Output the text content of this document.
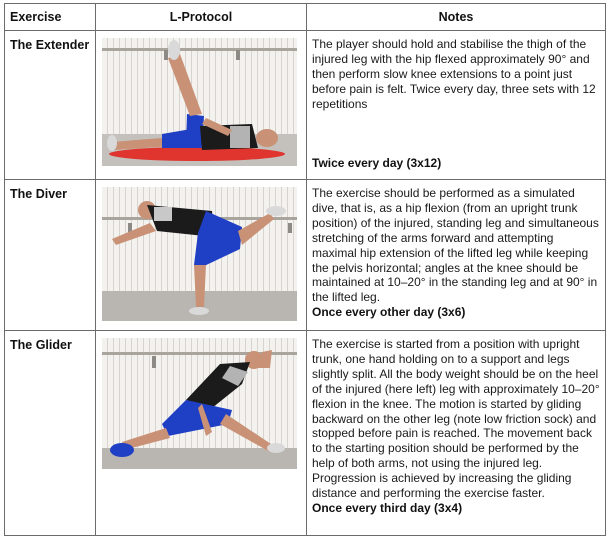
Exercise	L-Protocol	Notes

The Extender		The player should hold and stabilise the thigh of the injured leg with the hip flexed approximately 90° and then perform slow knee extensions to a point just before pain is felt. Twice every day, three sets with 12 repetitions
Twice every day (3x12)

The Diver		The exercise should be performed as a simulated dive, that is, as a hip flexion (from an upright trunk position) of the injured, standing leg and simultaneous stretching of the arms forward and attempting maximal hip extension of the lifted leg while keeping the pelvis horizontal; angles at the knee should be maintained at 10–20° in the standing leg and at 90° in the lifted leg.
Once every other day (3x6)

The Glider		The exercise is started from a position with upright trunk, one hand holding on to a support and legs slightly split. All the body weight should be on the heel of the injured (here left) leg with approximately 10–20° flexion in the knee. The motion is started by gliding backward on the other leg (note low friction sock) and stopped before pain is reached. The movement back to the starting position should be performed by the help of both arms, not using the injured leg. Progression is achieved by increasing the gliding distance and performing the exercise faster.
Once every third day (3x4)
